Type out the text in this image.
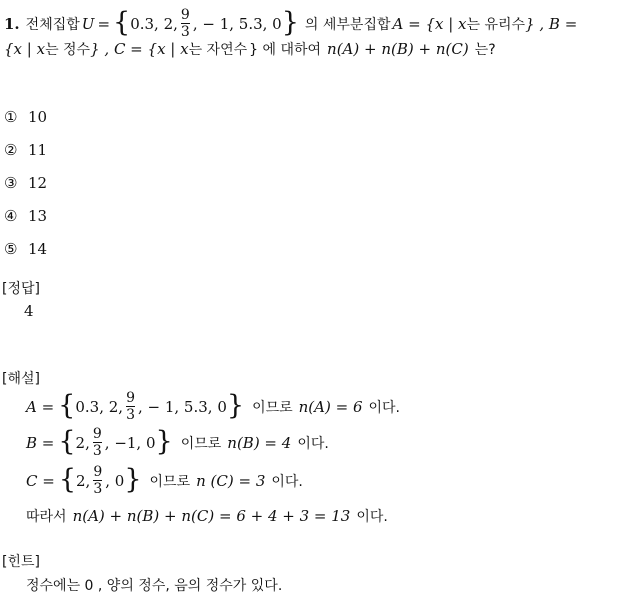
1. 전체집합 U = { 0.3, 2, $\frac{9}{3}$ , − 1, 5.3, 0 } 의 세부분집합 A = {x | x 는 유리수 } , B =
{x | x 는 정수 } , C = {x | x 는 자연수 } 에 대하여 n(A) + n(B) + n(C) 는?
① 10
② 11
③ 12
④ 13
⑤ 14
[정답]
4
[해설]
A = { 0.3, 2, $\frac{9}{3}$ , − 1, 5.3, 0 } 이므로 n(A) = 6 이다.
B = { 2, $\frac{9}{3}$ , −1, 0 } 이므로 n(B) = 4 이다.
C = { 2, $\frac{9}{3}$ , 0 } 이므로 n (C) = 3 이다.
따라서 n(A) + n(B) + n(C) = 6 + 4 + 3 = 13 이다.
[힌트]
정수에는 0 , 양의 정수, 음의 정수가 있다.
